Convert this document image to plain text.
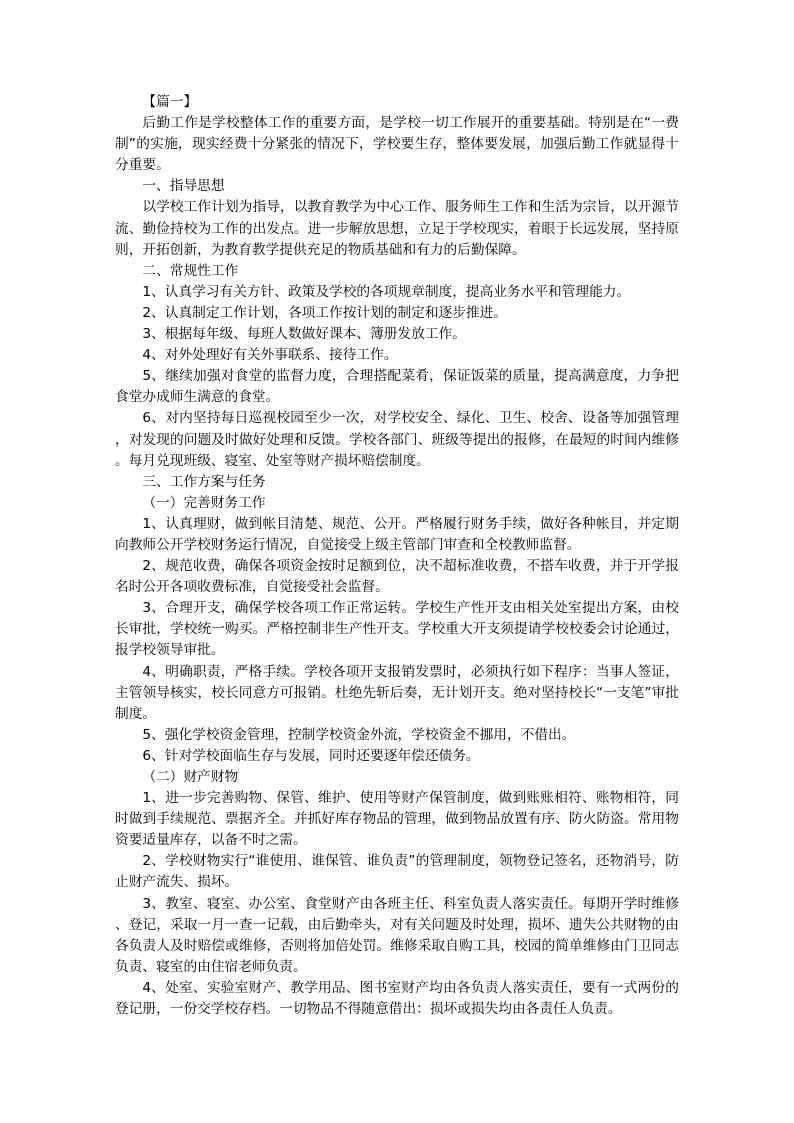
【篇一】

后勤工作是学校整体工作的重要方面，是学校一切工作展开的重要基础。特别是在“一费制”的实施，现实经费十分紧张的情况下，学校要生存，整体要发展，加强后勤工作就显得十分重要。

一、指导思想

以学校工作计划为指导，以教育教学为中心工作、服务师生工作和生活为宗旨，以开源节流、勤俭持校为工作的出发点。进一步解放思想，立足于学校现实，着眼于长远发展，坚持原则，开拓创新，为教育教学提供充足的物质基础和有力的后勤保障。

二、常规性工作

1、认真学习有关方针、政策及学校的各项规章制度，提高业务水平和管理能力。

2、认真制定工作计划，各项工作按计划的制定和逐步推进。

3、根据每年级、每班人数做好课本、簿册发放工作。

4、对外处理好有关外事联系、接待工作。

5、继续加强对食堂的监督力度，合理搭配菜肴，保证饭菜的质量，提高满意度，力争把食堂办成师生满意的食堂。

6、对内坚持每日巡视校园至少一次，对学校安全、绿化、卫生、校舍、设备等加强管理，对发现的问题及时做好处理和反馈。学校各部门、班级等提出的报修，在最短的时间内维修。每月兑现班级、寝室、处室等财产损坏赔偿制度。

三、工作方案与任务

（一）完善财务工作

1、认真理财，做到帐目清楚、规范、公开。严格履行财务手续，做好各种帐目，并定期向教师公开学校财务运行情况，自觉接受上级主管部门审查和全校教师监督。

2、规范收费，确保各项资金按时足额到位，决不超标准收费，不搭车收费，并于开学报名时公开各项收费标准，自觉接受社会监督。

3、合理开支，确保学校各项工作正常运转。学校生产性开支由相关处室提出方案，由校长审批，学校统一购买。严格控制非生产性开支。学校重大开支须提请学校校委会讨论通过，报学校领导审批。

4、明确职责，严格手续。学校各项开支报销发票时，必须执行如下程序：当事人签证，主管领导核实，校长同意方可报销。杜绝先斩后奏，无计划开支。绝对坚持校长“一支笔”审批制度。

5、强化学校资金管理，控制学校资金外流，学校资金不挪用，不借出。

6、针对学校面临生存与发展，同时还要逐年偿还债务。

（二）财产财物

1、进一步完善购物、保管、维护、使用等财产保管制度，做到账账相符、账物相符，同时做到手续规范、票据齐全。并抓好库存物品的管理，做到物品放置有序、防火防盗。常用物资要适量库存，以备不时之需。

2、学校财物实行“谁使用、谁保管、谁负责”的管理制度，领物登记签名，还物消号，防止财产流失、损坏。

3、教室、寝室、办公室、食堂财产由各班主任、科室负责人落实责任。每期开学时维修、登记，采取一月一查一记载，由后勤牵头，对有关问题及时处理，损坏、遗失公共财物的由各负责人及时赔偿或维修，否则将加倍处罚。维修采取自购工具，校园的简单维修由门卫同志负责、寝室的由住宿老师负责。

4、处室、实验室财产、教学用品、图书室财产均由各负责人落实责任，要有一式两份的登记册，一份交学校存档。一切物品不得随意借出：损坏或损失均由各责任人负责。
